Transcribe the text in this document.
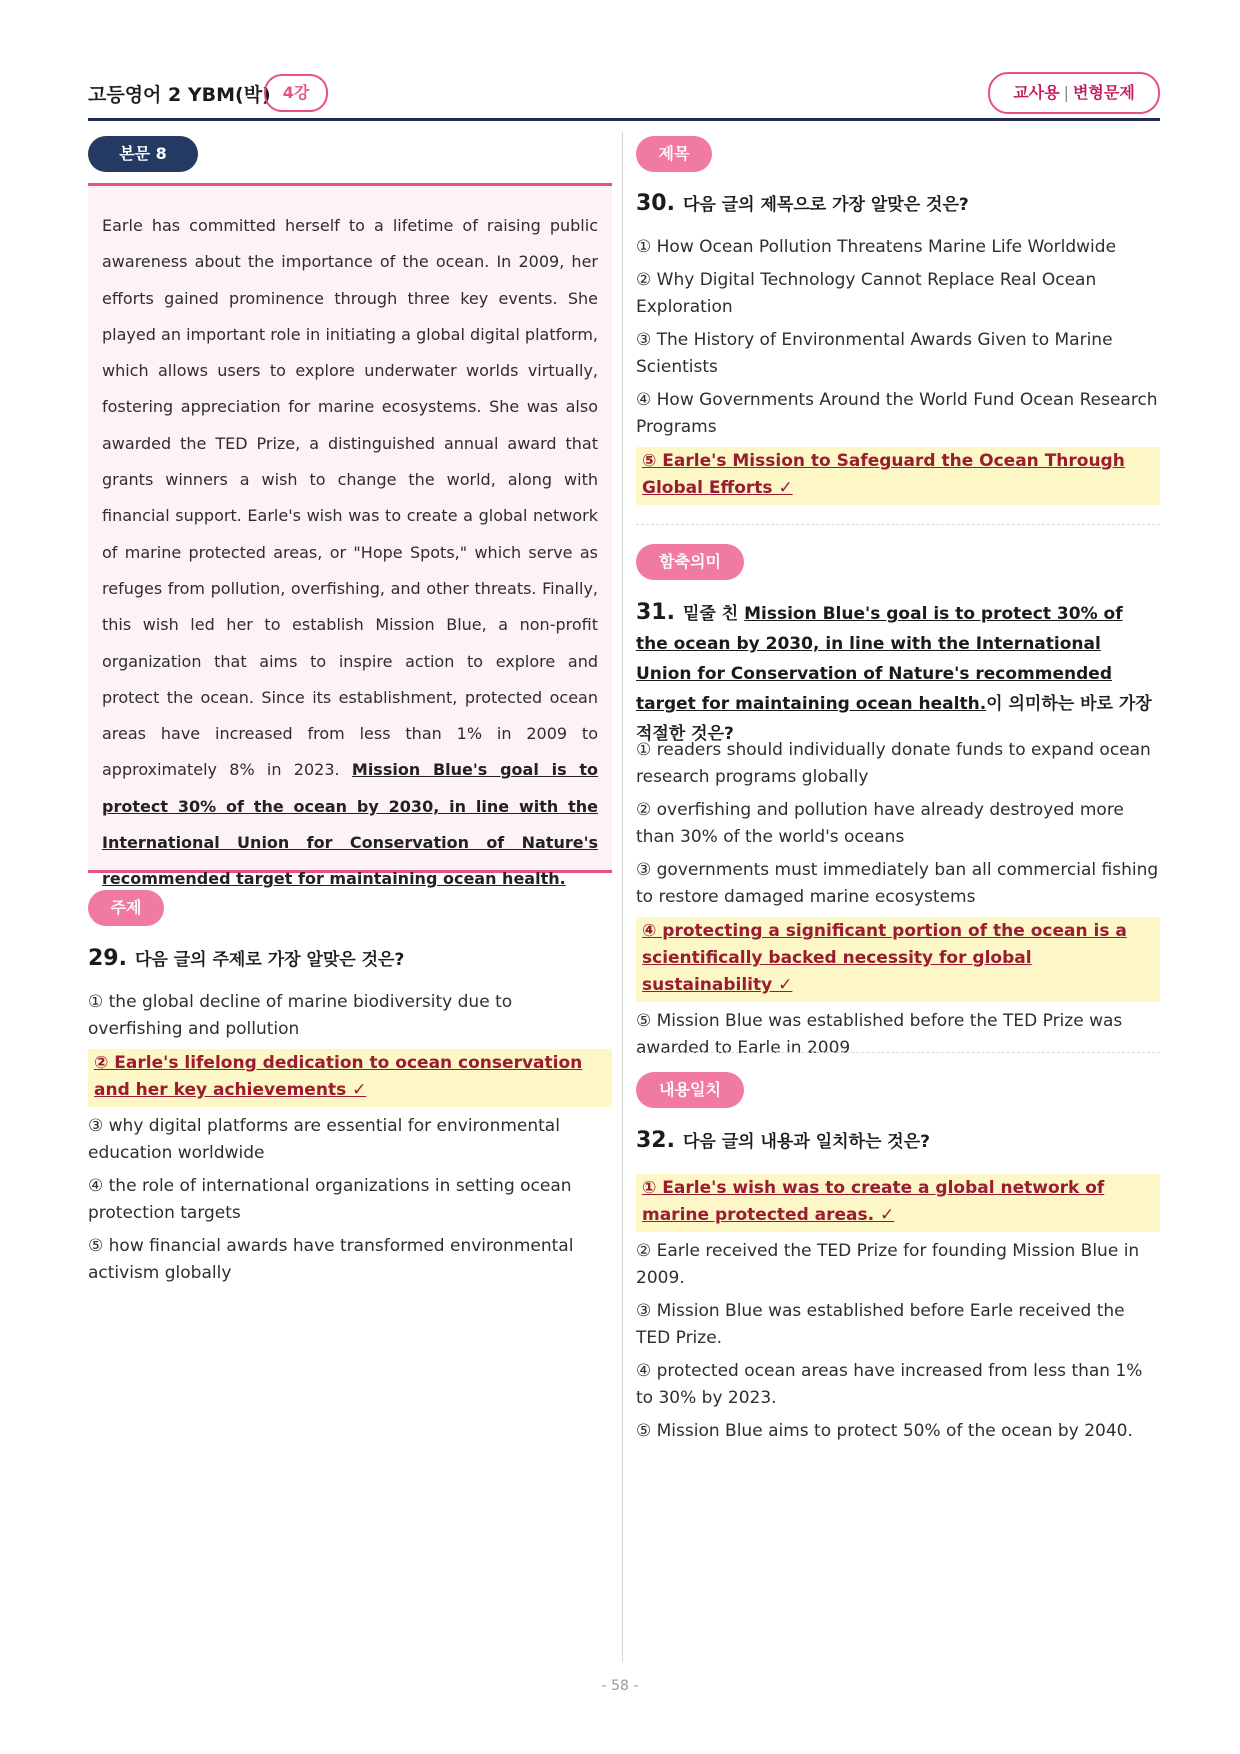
고등영어 2 YBM(박) 4강	교사용 | 변형문제
본문 8

Earle has committed herself to a lifetime of raising public awareness about the importance of the ocean. In 2009, her efforts gained prominence through three key events. She played an important role in initiating a global digital platform, which allows users to explore underwater worlds virtually, fostering appreciation for marine ecosystems. She was also awarded the TED Prize, a distinguished annual award that grants winners a wish to change the world, along with financial support. Earle's wish was to create a global network of marine protected areas, or "Hope Spots," which serve as refuges from pollution, overfishing, and other threats. Finally, this wish led her to establish Mission Blue, a non-profit organization that aims to inspire action to explore and protect the ocean. Since its establishment, protected ocean areas have increased from less than 1% in 2009 to approximately 8% in 2023. Mission Blue's goal is to protect 30% of the ocean by 2030, in line with the International Union for Conservation of Nature's recommended target for maintaining ocean health.

주제
29. 다음 글의 주제로 가장 알맞은 것은?
① the global decline of marine biodiversity due to overfishing and pollution
② Earle's lifelong dedication to ocean conservation and her key achievements ✓
③ why digital platforms are essential for environmental education worldwide
④ the role of international organizations in setting ocean protection targets
⑤ how financial awards have transformed environmental activism globally
제목
30. 다음 글의 제목으로 가장 알맞은 것은?
① How Ocean Pollution Threatens Marine Life Worldwide
② Why Digital Technology Cannot Replace Real Ocean Exploration
③ The History of Environmental Awards Given to Marine Scientists
④ How Governments Around the World Fund Ocean Research Programs
⑤ Earle's Mission to Safeguard the Ocean Through Global Efforts ✓
함축의미
31. 밑줄 친 Mission Blue's goal is to protect 30% of the ocean by 2030, in line with the International Union for Conservation of Nature's recommended target for maintaining ocean health.이 의미하는 바로 가장 적절한 것은?
① readers should individually donate funds to expand ocean research programs globally
② overfishing and pollution have already destroyed more than 30% of the world's oceans
③ governments must immediately ban all commercial fishing to restore damaged marine ecosystems
④ protecting a significant portion of the ocean is a scientifically backed necessity for global sustainability ✓
⑤ Mission Blue was established before the TED Prize was awarded to Earle in 2009
내용일치
32. 다음 글의 내용과 일치하는 것은?
① Earle's wish was to create a global network of marine protected areas. ✓
② Earle received the TED Prize for founding Mission Blue in 2009.
③ Mission Blue was established before Earle received the TED Prize.
④ protected ocean areas have increased from less than 1% to 30% by 2023.
⑤ Mission Blue aims to protect 50% of the ocean by 2040.
- 58 -
